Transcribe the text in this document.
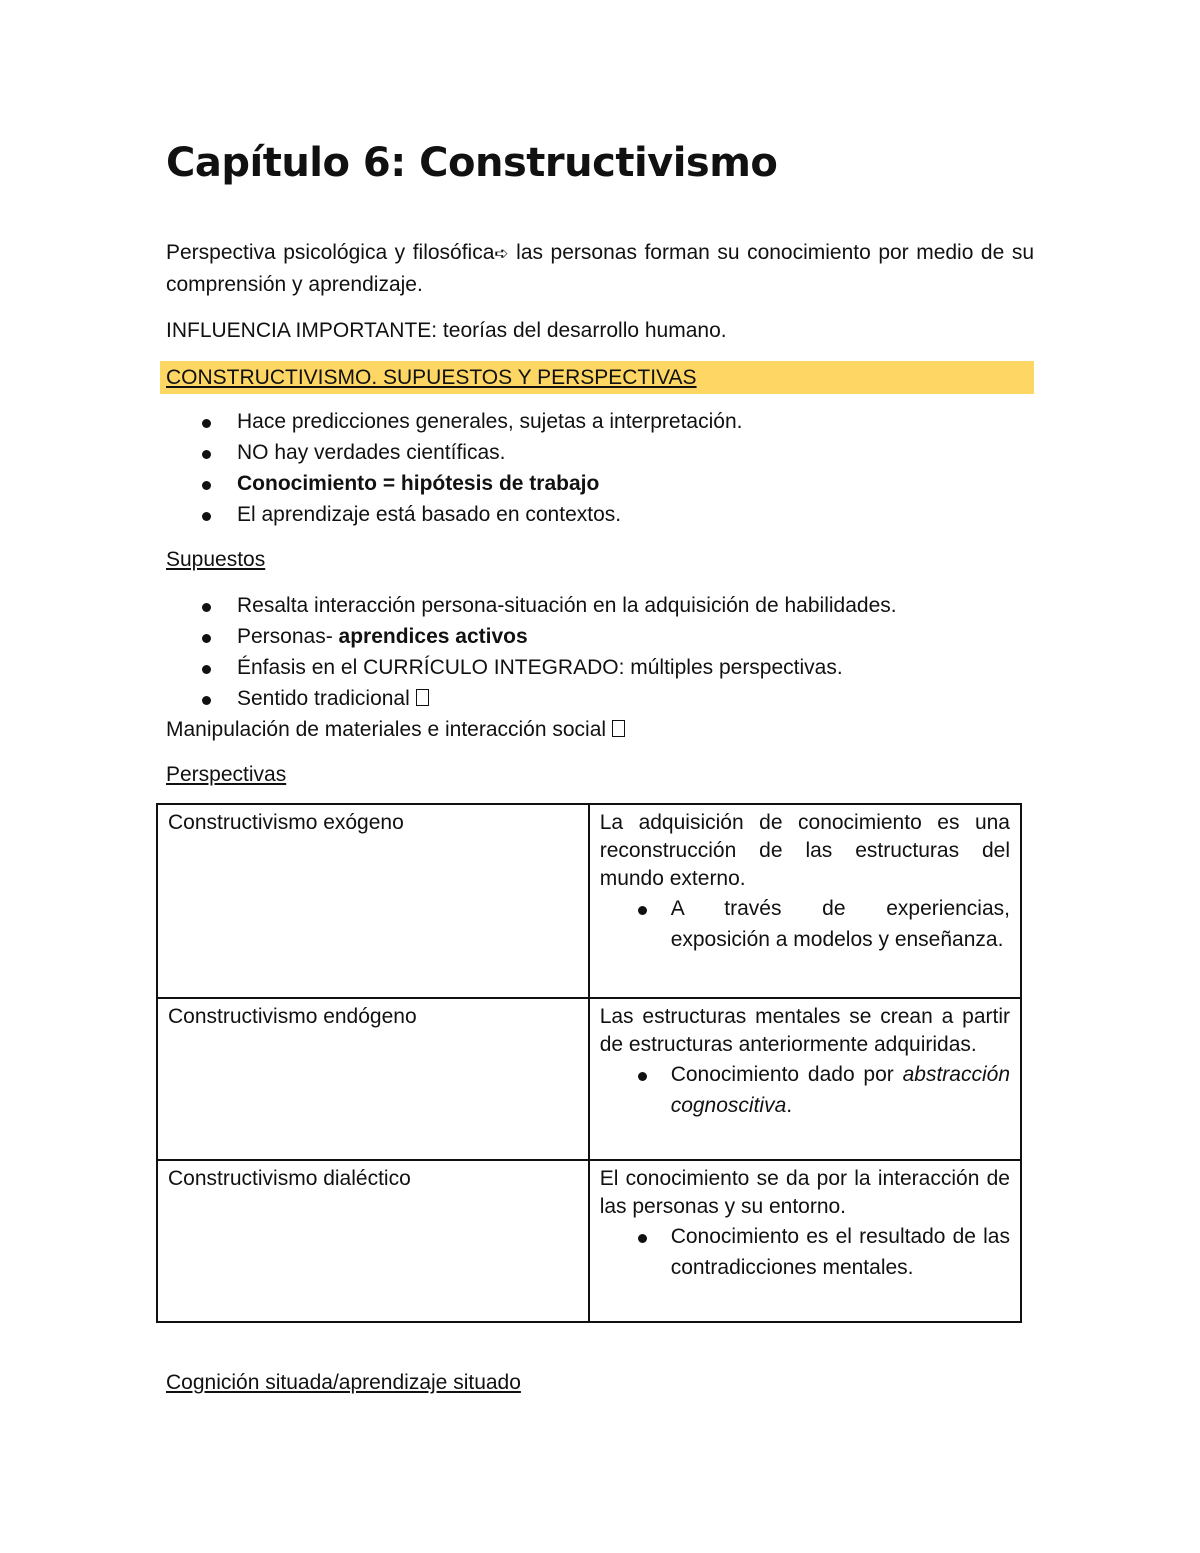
Capítulo 6: Constructivismo

Perspectiva psicológica y filosófica➪ las personas forman su conocimiento por medio de su comprensión y aprendizaje.

INFLUENCIA IMPORTANTE: teorías del desarrollo humano.

CONSTRUCTIVISMO. SUPUESTOS Y PERSPECTIVAS

Hace predicciones generales, sujetas a interpretación.
NO hay verdades científicas.
Conocimiento = hipótesis de trabajo
El aprendizaje está basado en contextos.

Supuestos

Resalta interacción persona-situación en la adquisición de habilidades.
Personas- aprendices activos
Énfasis en el CURRÍCULO INTEGRADO: múltiples perspectivas.
Sentido tradicional

Manipulación de materiales e interacción social

Perspectivas

Constructivismo exógeno	La adquisición de conocimiento es una reconstrucción de las estructuras del mundo externo.
A través de experiencias, exposición a modelos y enseñanza.

Constructivismo endógeno	Las estructuras mentales se crean a partir de estructuras anteriormente adquiridas.
Conocimiento dado por abstracción cognoscitiva.

Constructivismo dialéctico	El conocimiento se da por la interacción de las personas y su entorno.
Conocimiento es el resultado de las contradicciones mentales.

Cognición situada/aprendizaje situado
